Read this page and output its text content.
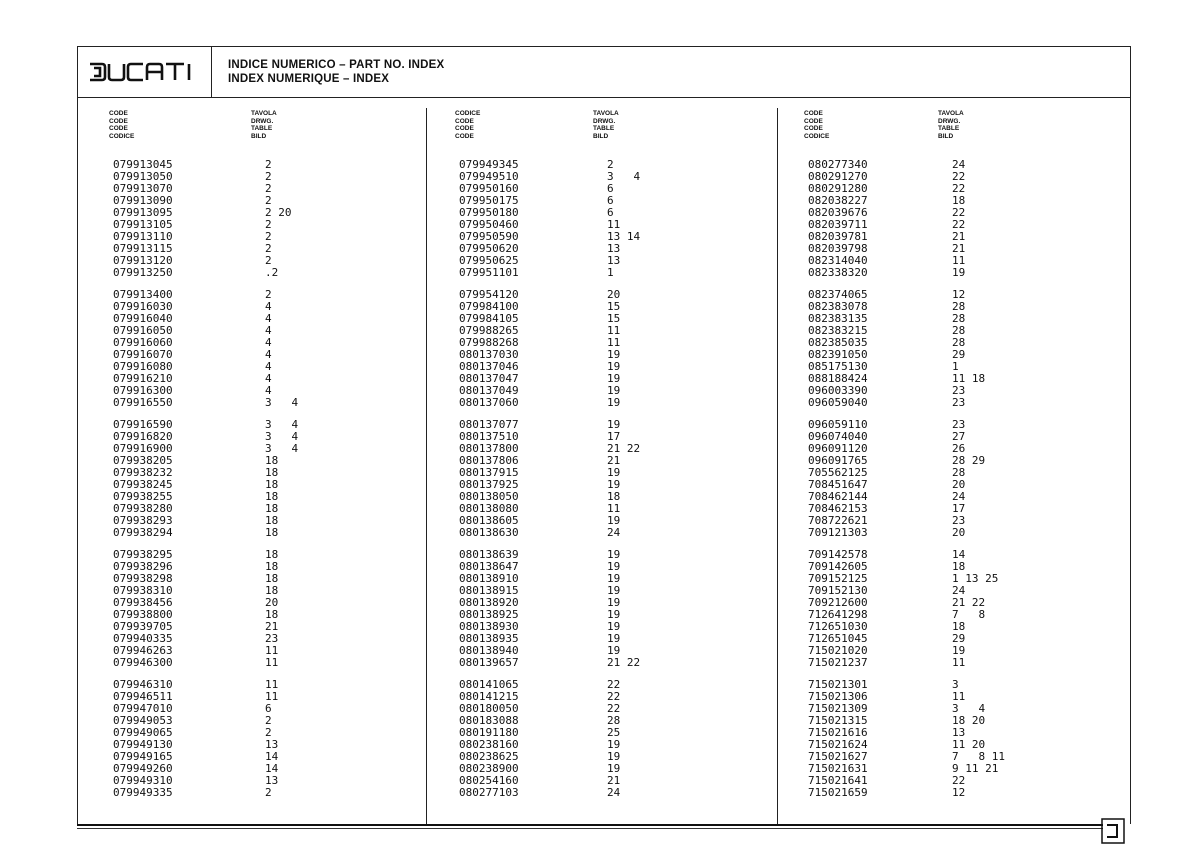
INDICE NUMERICO – PART NO. INDEX
INDEX NUMERIQUE – INDEX
CODE
CODE
CODE
CODICE
TAVOLA
DRWG.
TABLE
BILD
079913045	2
079913050	2
079913070	2
079913090	2
079913095	2 20
079913105	2
079913110	2
079913115	2
079913120	2
079913250	.2
079913400	2
079916030	4
079916040	4
079916050	4
079916060	4
079916070	4
079916080	4
079916210	4
079916300	4
079916550	3   4
079916590	3   4
079916820	3   4
079916900	3   4
079938205	18
079938232	18
079938245	18
079938255	18
079938280	18
079938293	18
079938294	18
079938295	18
079938296	18
079938298	18
079938310	18
079938456	20
079938800	18
079939705	21
079940335	23
079946263	11
079946300	11
079946310	11
079946511	11
079947010	6
079949053	2
079949065	2
079949130	13
079949165	14
079949260	14
079949310	13
079949335	2
CODICE
CODE
CODE
CODE
TAVOLA
DRWG.
TABLE
BILD
079949345	2
079949510	3   4
079950160	6
079950175	6
079950180	6
079950460	11
079950590	13 14
079950620	13
079950625	13
079951101	1
079954120	20
079984100	15
079984105	15
079988265	11
079988268	11
080137030	19
080137046	19
080137047	19
080137049	19
080137060	19
080137077	19
080137510	17
080137800	21 22
080137806	21
080137915	19
080137925	19
080138050	18
080138080	11
080138605	19
080138630	24
080138639	19
080138647	19
080138910	19
080138915	19
080138920	19
080138925	19
080138930	19
080138935	19
080138940	19
080139657	21 22
080141065	22
080141215	22
080180050	22
080183088	28
080191180	25
080238160	19
080238625	19
080238900	19
080254160	21
080277103	24
CODE
CODE
CODE
CODICE
TAVOLA
DRWG.
TABLE
BILD
080277340	24
080291270	22
080291280	22
082038227	18
082039676	22
082039711	22
082039781	21
082039798	21
082314040	11
082338320	19
082374065	12
082383078	28
082383135	28
082383215	28
082385035	28
082391050	29
085175130	1
088188424	11 18
096003390	23
096059040	23
096059110	23
096074040	27
096091120	26
096091765	28 29
705562125	28
708451647	20
708462144	24
708462153	17
708722621	23
709121303	20
709142578	14
709142605	18
709152125	1 13 25
709152130	24
709212600	21 22
712641298	7   8
712651030	18
712651045	29
715021020	19
715021237	11
715021301	3
715021306	11
715021309	3   4
715021315	18 20
715021616	13
715021624	11 20
715021627	7   8 11
715021631	9 11 21
715021641	22
715021659	12
